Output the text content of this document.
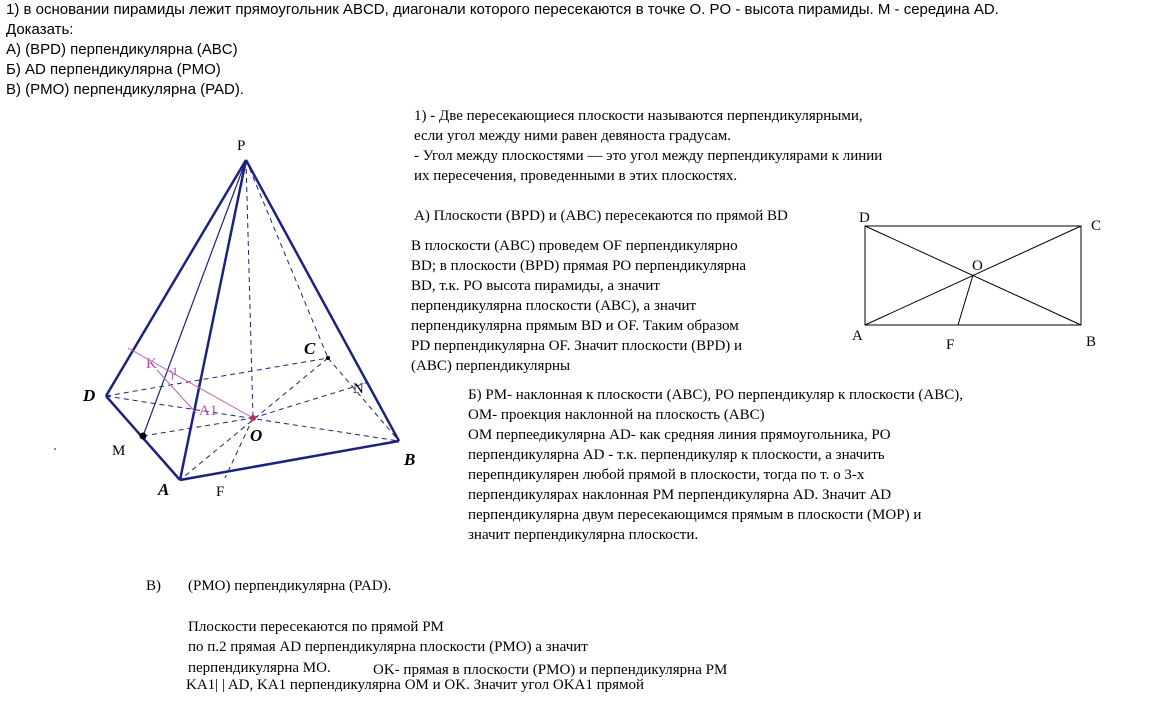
1) в основании пирамиды лежит прямоугольник ABCD, диагонали которого пересекаются в точке O. PO - высота пирамиды. M - середина AD.
Доказать:
А) (BPD) перпендикулярна (ABC)
Б) AD перпендикулярна (PMO)
В) (PMO) перпендикулярна (PAD).
1) - Две пересекающиеся плоскости называются перпендикулярными,
если угол между ними равен девяноста градусам.
- Угол между плоскостями — это угол между перпендикулярами к линии
их пересечения, проведенными в этих плоскостях.
А) Плоскости (BPD) и (ABC) пересекаются по прямой BD
В плоскости (ABC) проведем OF перпендикулярно
BD; в плоскости (BPD) прямая PO перпендикулярна
BD, т.к. PO высота пирамиды, а значит
перпендикулярна плоскости (ABC), а значит
перпендикулярна прямым BD и OF. Таким образом
PD перпендикулярна OF. Значит плоскости (BPD) и
(ABC) перпендикулярны
Б) PM- наклонная к плоскости (ABC), PO перпендикуляр к плоскости (ABC),
OM- проекция наклонной на плоскость (ABC)
OM перпеедикулярна AD- как средняя линия прямоугольника, PO
перпендикулярна AD - т.к. перпендикуляр к плоскости, а значить
перепндикулярен любой прямой в плоскости, тогда по т. о 3-х
перпендикулярах наклонная PM перпендикулярна AD. Значит AD
перпендикулярна двум пересекающимся прямым в плоскости (MOP) и
значит перпендикулярна плоскости.
В) (PMO) перпендикулярна (PAD).
Плоскости пересекаются по прямой PM
по п.2 прямая AD перпендикулярна плоскости (PMO) а значит
перпендикулярна MO.	OK- прямая в плоскости (PMO) и перпендикулярна PM
KA1| | AD, KA1 перпендикулярна OM и OK. Значит угол OKA1 прямой
P
D
A
B
C
O
M
F
N
K 1
A1
D	C
A	B
O
F
